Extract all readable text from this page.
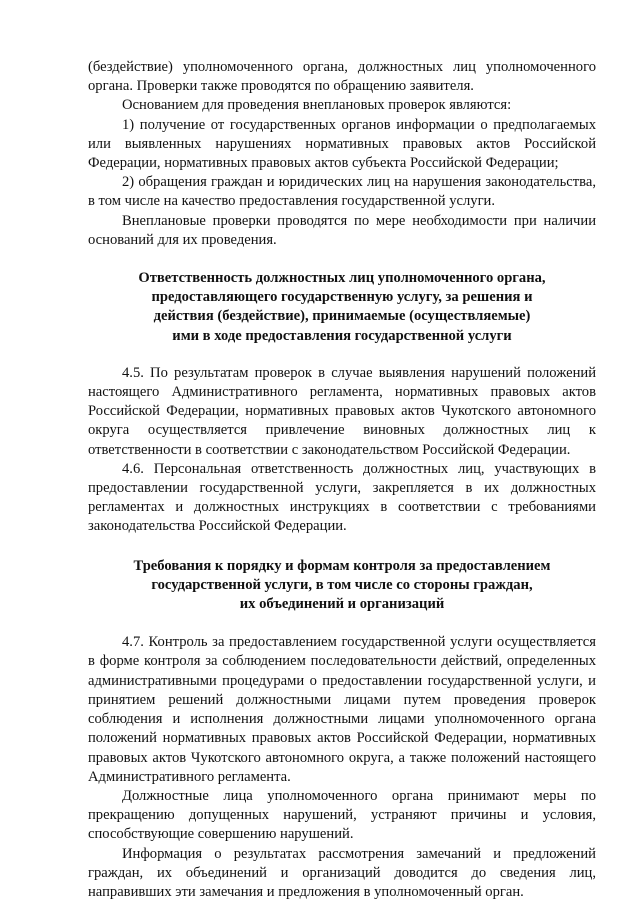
(бездействие) уполномоченного органа, должностных лиц уполномоченного органа. Проверки также проводятся по обращению заявителя.

Основанием для проведения внеплановых проверок являются:

1) получение от государственных органов информации о предполагаемых или выявленных нарушениях нормативных правовых актов Российской Федерации, нормативных правовых актов субъекта Российской Федерации;

2) обращения граждан и юридических лиц на нарушения законодательства, в том числе на качество предоставления государственной услуги.

Внеплановые проверки проводятся по мере необходимости при наличии оснований для их проведения.

Ответственность должностных лиц уполномоченного органа,
предоставляющего государственную услугу, за решения и
действия (бездействие), принимаемые (осуществляемые)
ими в ходе предоставления государственной услуги

4.5. По результатам проверок в случае выявления нарушений положений настоящего Административного регламента, нормативных правовых актов Российской Федерации, нормативных правовых актов Чукотского автономного округа осуществляется привлечение виновных должностных лиц к ответственности в соответствии с законодательством Российской Федерации.

4.6. Персональная ответственность должностных лиц, участвующих в предоставлении государственной услуги, закрепляется в их должностных регламентах и должностных инструкциях в соответствии с требованиями законодательства Российской Федерации.

Требования к порядку и формам контроля за предоставлением
государственной услуги, в том числе со стороны граждан,
их объединений и организаций

4.7. Контроль за предоставлением государственной услуги осуществляется в форме контроля за соблюдением последовательности действий, определенных административными процедурами о предоставлении государственной услуги, и принятием решений должностными лицами путем проведения проверок соблюдения и исполнения должностными лицами уполномоченного органа положений нормативных правовых актов Российской Федерации, нормативных правовых актов Чукотского автономного округа, а также положений настоящего Административного регламента.

Должностные лица уполномоченного органа принимают меры по прекращению допущенных нарушений, устраняют причины и условия, способствующие совершению нарушений.

Информация о результатах рассмотрения замечаний и предложений граждан, их объединений и организаций доводится до сведения лиц, направивших эти замечания и предложения в уполномоченный орган.
